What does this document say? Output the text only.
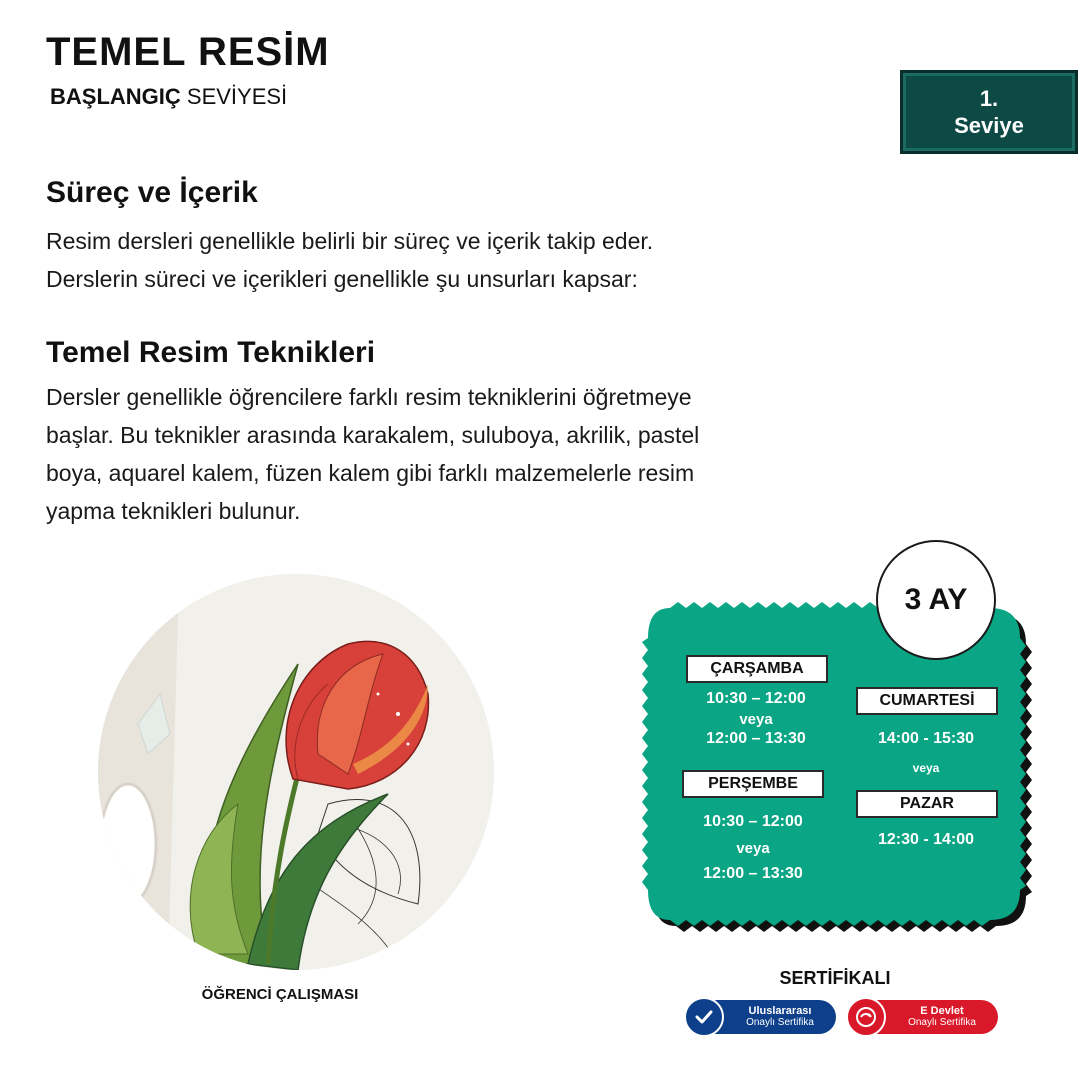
TEMEL RESİM
BAŞLANGIÇ SEVİYESİ	1.
Seviye
Süreç ve İçerik

Resim dersleri genellikle belirli bir süreç ve içerik takip eder.
Derslerin süreci ve içerikleri genellikle şu unsurları kapsar:

Temel Resim Teknikleri

Dersler genellikle öğrencilere farklı resim tekniklerini öğretmeye
başlar. Bu teknikler arasında karakalem, suluboya, akrilik, pastel
boya, aquarel kalem, füzen kalem gibi farklı malzemelerle resim
yapma teknikleri bulunur.

ÖĞRENCİ ÇALIŞMASI
ÇARŞAMBA
10:30 – 12:00
veya
12:00 – 13:30
PERŞEMBE
10:30 – 12:00
veya
12:00 – 13:30
CUMARTESİ
14:00 - 15:30
veya
PAZAR
12:30 - 14:00
3 AY
SERTİFİKALI
Uluslararası
Onaylı Sertifika
E Devlet
Onaylı Sertifika
